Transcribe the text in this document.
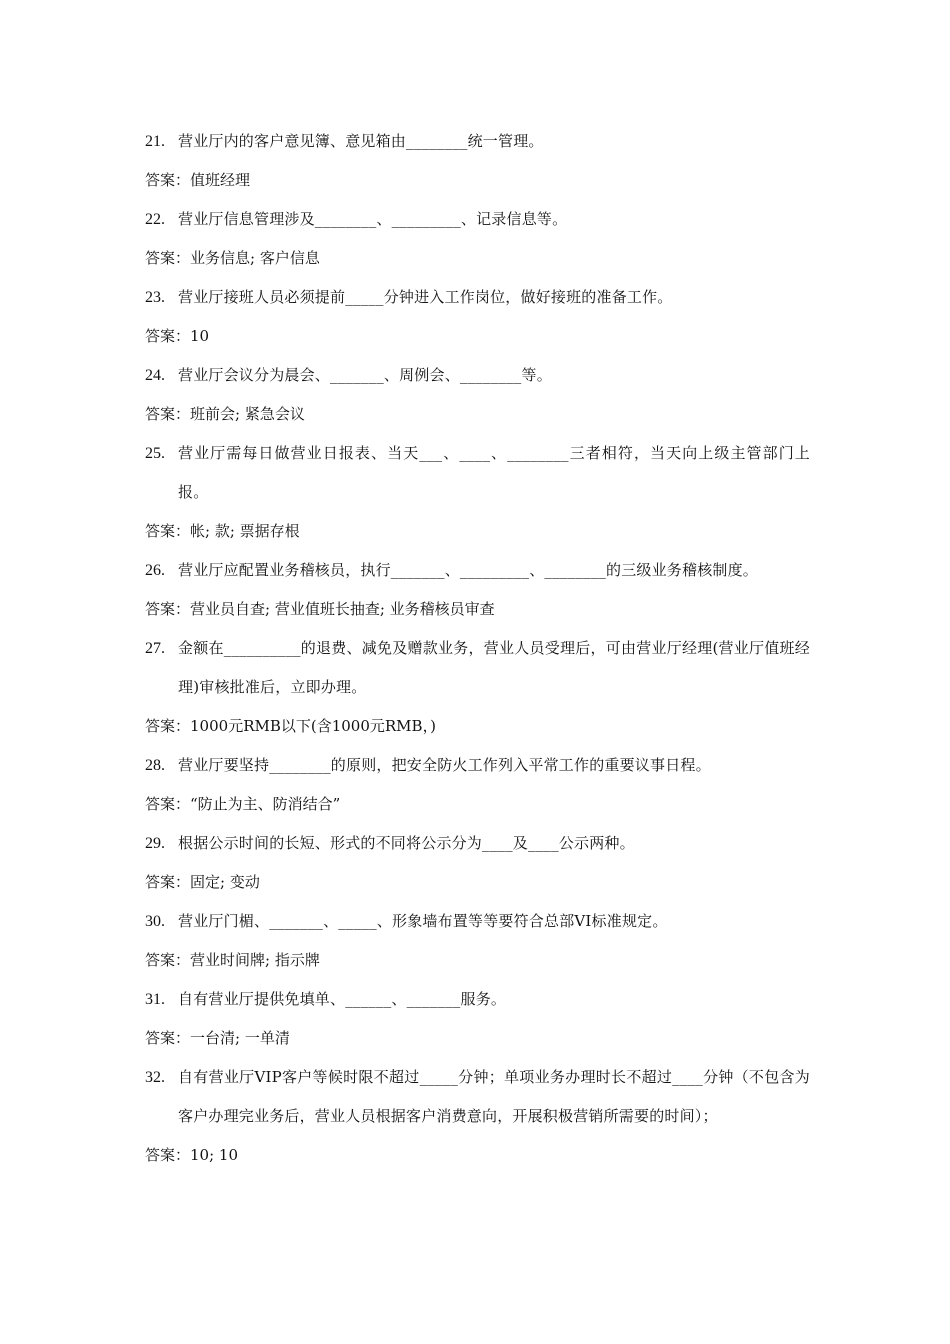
21. 营业厅内的客户意见簿、意见箱由________统一管理。
答案：值班经理
22. 营业厅信息管理涉及________、_________、记录信息等。
答案：业务信息; 客户信息
23. 营业厅接班人员必须提前_____分钟进入工作岗位，做好接班的准备工作。
答案：10
24. 营业厅会议分为晨会、_______、周例会、________等。
答案：班前会; 紧急会议
25. 营业厅需每日做营业日报表、当天___、____、________三者相符，当天向上级主管部门上报。
答案：帐; 款; 票据存根
26. 营业厅应配置业务稽核员，执行_______、_________、________的三级业务稽核制度。
答案：营业员自查; 营业值班长抽查; 业务稽核员审查
27. 金额在__________的退费、减免及赠款业务，营业人员受理后，可由营业厅经理(营业厅值班经理)审核批准后，立即办理。
答案：1000元RMB以下(含1000元RMB，)
28. 营业厅要坚持________的原则，把安全防火工作列入平常工作的重要议事日程。
答案：“防止为主、防消结合”
29. 根据公示时间的长短、形式的不同将公示分为____及____公示两种。
答案：固定; 变动
30. 营业厅门楣、_______、_____、形象墙布置等等要符合总部VI标准规定。
答案：营业时间牌; 指示牌
31. 自有营业厅提供免填单、______、_______服务。
答案：一台清; 一单清
32. 自有营业厅VIP客户等候时限不超过_____分钟；单项业务办理时长不超过____分钟（不包含为客户办理完业务后，营业人员根据客户消费意向，开展积极营销所需要的时间）；
答案：10; 10
